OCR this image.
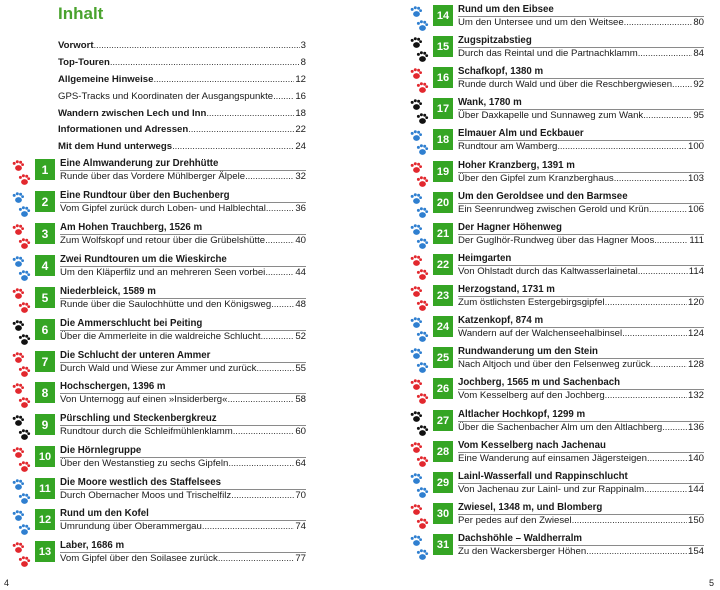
Inhalt
Vorwort . . .	3
Top-Touren . . .	8
Allgemeine Hinweise . . .	12
GPS-Tracks und Koordinaten der Ausgangspunkte . . . 16
Wandern zwischen Lech und Inn . . .	18
Informationen und Adressen . . .	22
Mit dem Hund unterwegs . . .	24
4	5
1	Eine Almwanderung zur Drehhütte
Runde über das Vordere Mühlberger Älpele . . .	32
2	Eine Rundtour über den Buchenberg
Vom Gipfel zurück durch Loben- und Halblechtal . . .	36
3	Am Hohen Trauchberg, 1526 m
Zum Wolfskopf und retour über die Grübelshütte . . .	40
4	Zwei Rundtouren um die Wieskirche
Um den Kläperfilz und an mehreren Seen vorbei . . .	44
5	Niederbleick, 1589 m
Runde über die Saulochhütte und den Königsweg . . .	48
6	Die Ammerschlucht bei Peiting
Über die Ammerleite in die waldreiche Schlucht . . .	52
7	Die Schlucht der unteren Ammer
Durch Wald und Wiese zur Ammer und zurück . . .	55
8	Hochschergen, 1396 m
Von Unternogg auf einen »Insiderberg« . . .	58
9	Pürschling und Steckenbergkreuz
Rundtour durch die Schleifmühlenklamm . . .	60
10 Die Hörnlegruppe
Über den Westanstieg zu sechs Gipfeln . . .	64
11 Die Moore westlich des Staffelsees
Durch Obernacher Moos und Trischelfilz . . .	70
12 Rund um den Kofel
Umrundung über Oberammergau . . .	74
13 Laber, 1686 m
Vom Gipfel über den Soilasee zurück . . .	77
14 Rund um den Eibsee
Um den Untersee und um den Weitsee . . .	80
15 Zugspitzabstieg
Durch das Reintal und die Partnachklamm . . .	84
16 Schafkopf, 1380 m
Runde durch Wald und über die Reschbergwiesen . . . 92
17 Wank, 1780 m
Über Daxkapelle und Sunnaweg zum Wank . . .	95
18 Elmauer Alm und Eckbauer
Rundtour am Wamberg . . .	100
19 Hoher Kranzberg, 1391 m
Über den Gipfel zum Kranzberghaus . . .	103
20 Um den Geroldsee und den Barmsee
Ein Seenrundweg zwischen Gerold und Krün . . .	106
21 Der Hagner Höhenweg
Der Guglhör-Rundweg über das Hagner Moos . . .	111
22 Heimgarten
Von Ohlstadt durch das Kaltwasserlainetal . . .	114
23 Herzogstand, 1731 m
Zum östlichsten Estergebirgsgipfel . . .	120
24 Katzenkopf, 874 m
Wandern auf der Walchenseehalbinsel . . .	124
25 Rundwanderung um den Stein
Nach Altjoch und über den Felsenweg zurück . . .	128
26 Jochberg, 1565 m und Sachenbach
Vom Kesselberg auf den Jochberg . . .	132
27 Altlacher Hochkopf, 1299 m
Über die Sachenbacher Alm um den Altlachberg . . .	136
28 Vom Kesselberg nach Jachenau
Eine Wanderung auf einsamen Jägersteigen . . .	140
29 Lainl-Wasserfall und Rappinschlucht
Von Jachenau zur Lainl- und zur Rappinalm . . .	144
30 Zwiesel, 1348 m, und Blomberg
Per pedes auf den Zwiesel . . .	150
31 Dachshöhle – Waldherralm
Zu den Wackersberger Höhen . . .	154
